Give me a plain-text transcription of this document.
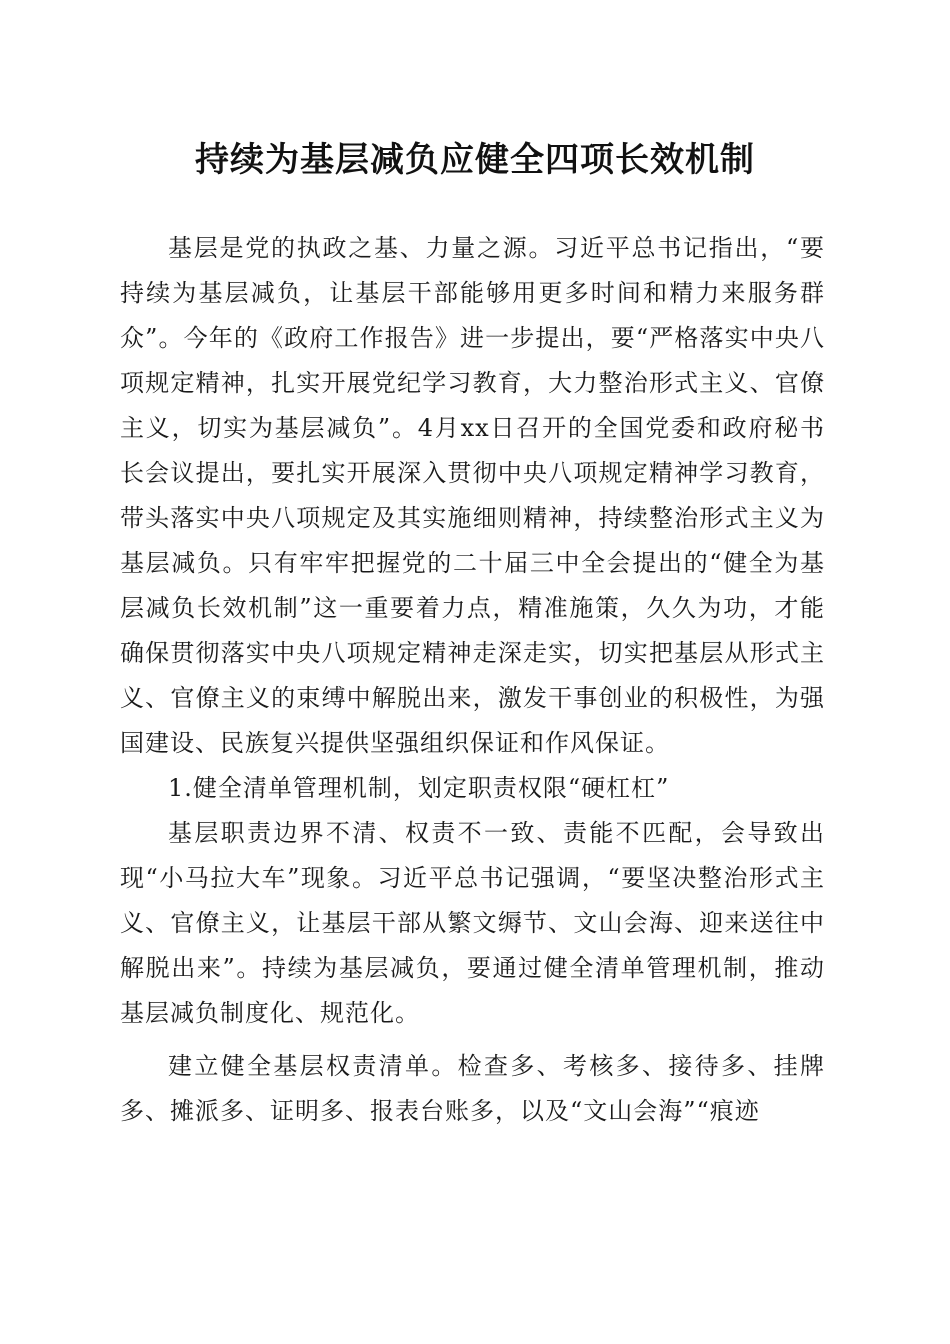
持续为基层减负应健全四项长效机制

基层是党的执政之基、力量之源。习近平总书记指出，“要持续为基层减负，让基层干部能够用更多时间和精力来服务群众”。今年的《政府工作报告》进一步提出，要“严格落实中央八项规定精神，扎实开展党纪学习教育，大力整治形式主义、官僚主义，切实为基层减负”。4月xx日召开的全国党委和政府秘书长会议提出，要扎实开展深入贯彻中央八项规定精神学习教育，带头落实中央八项规定及其实施细则精神，持续整治形式主义为基层减负。只有牢牢把握党的二十届三中全会提出的“健全为基层减负长效机制”这一重要着力点，精准施策，久久为功，才能确保贯彻落实中央八项规定精神走深走实，切实把基层从形式主义、官僚主义的束缚中解脱出来，激发干事创业的积极性，为强国建设、民族复兴提供坚强组织保证和作风保证。

1.健全清单管理机制，划定职责权限“硬杠杠”

基层职责边界不清、权责不一致、责能不匹配，会导致出现“小马拉大车”现象。习近平总书记强调，“要坚决整治形式主义、官僚主义，让基层干部从繁文缛节、文山会海、迎来送往中解脱出来”。持续为基层减负，要通过健全清单管理机制，推动基层减负制度化、规范化。

建立健全基层权责清单。检查多、考核多、接待多、挂牌多、摊派多、证明多、报表台账多，以及“文山会海”“痕迹
